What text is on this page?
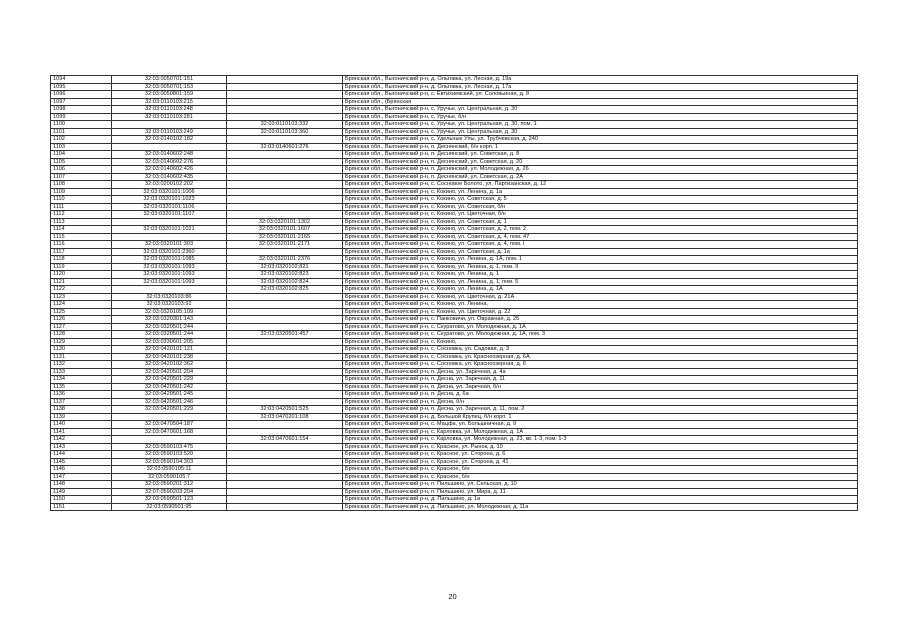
1094	32:03:0050701:151		Брянская обл., Выгоничский р-н, д. Ольговка, ул. Лесная, д. 19а
1095	32:03:0050701:153		Брянская обл., Выгоничский р-н, д. Ольговка, ул. Лесная, д. 17а
1096	32:03:0050801:159		Брянская обл., Выгоничский р-н, с. Евтихиевский, ул. Соловьиная, д. 8
1097	32:03:0110103:215		Брянская обл., (Брянская
1098	32:03:0110103:248		Брянская обл., Выгоничский р-н, с. Уручье, ул. Центральная, д. 30
1099	32:03:0110103:281		Брянская обл., Выгоничский р-н, с. Уручье, б/н
1100		32:03:0110103:332	Брянская обл., Выгоничский р-н, с. Уручье, ул. Центральная, д. 30, пом. 1
1101	32:03:0110103:249	32:03:0110103:360	Брянская обл., Выгоничский р-н, с. Уручье, ул. Центральная, д. 30
1102	32:03:0140102:182		Брянская обл., Выгоничский р-н, с. Удельные Упы, ул. Трубчевская, д. 240
1103		32:03:0140601:276	Брянская обл., Выгоничский р-н, п. Деснянский, б/н корп. 1
1104	32:03:0140602:248		Брянская обл., Выгоничский р-н, п. Деснянский, ул. Советская, д. 8
1105	32:03:0140602:276		Брянская обл., Выгоничский р-н, п. Деснянский, ул. Советская, д. 20
1106	32:03:0140602:426		Брянская обл., Выгоничский р-н, п. Деснянский, ул. Молодежная, д. 26
1107	32:03:0140602:435		Брянская обл., Выгоничский р-н, п. Деснянский, ул. Советская, д. 2А
1108	32:03:0200102:202		Брянская обл., Выгоничский р-н, с. Сосновое Болото, ул. Партизанская, д. 12
1109	32:03:0320101:1006		Брянская обл., Выгоничский р-н, с. Кокино, ул. Ленина, д. 1а
1110	32:03:0320101:1023		Брянская обл., Выгоничский р-н, с. Кокино, ул. Советская, д. 5
1111	32:03:0320101:1106		Брянская обл., Выгоничский р-н, с. Кокино, ул. Советская, б/н
1112	32:03:0320101:1107		Брянская обл., Выгоничский р-н, с. Кокино, ул. Цветочная, б/н
1113		32:03:0320101:1302	Брянская обл., Выгоничский р-н, с. Кокино, ул. Советская, д. 1
1114	32:03:0320101:1021	32:03:0320101:1607	Брянская обл., Выгоничский р-н, с. Кокино, ул. Советская, д. 2, пом. 2
1115		32:03:0320101:2165	Брянская обл., Выгоничский р-н, с. Кокино, ул. Советская, д. 4, пом. 47
1116	32:03:0320101:303	32:03:0320101:2171	Брянская обл., Выгоничский р-н, с. Кокино, ул. Советская, д. 4, пом. I
1117	32:03:0320101:2360		Брянская обл., Выгоничский р-н, с. Кокино, ул. Советская, д. 1а
1118	32:03:0320101:1085	32:03:0320101:2376	Брянская обл., Выгоничский р-н, с. Кокино, ул. Ленина, д. 1А, пом. 1
1119	32:03:0320101:1093	32:03:0320102:821	Брянская обл., Выгоничский р-н, с. Кокино, ул. Ленина, д. 1, пом. II
1120	32:03:0320101:1093	32:03:0320102:823	Брянская обл., Выгоничский р-н, с. Кокино, ул. Ленина, д. 1
1121	32:03:0320101:1093	32:03:0320102:824	Брянская обл., Выгоничский р-н, с. Кокино, ул. Ленина, д. 1, пом. 5
1122		32:03:0320102:825	Брянская обл., Выгоничский р-н, с. Кокино, ул. Ленина, д. 1А
1123	32:03:0320103:86		Брянская обл., Выгоничский р-н, с. Кокино, ул. Цветочная, д. 21А
1124	32:03:0320103:91		Брянская обл., Выгоничский р-н, с. Кокино, ул. Ленина,
1125	32:03:0320105:109		Брянская обл., Выгоничский р-н, с. Кокино, ул. Цветочная, д. 22
1126	32:03:0320301:143		Брянская обл., Выгоничский р-н, с. Панковичи, ул. Овражная, д. 25
1127	32:03:0320501:244		Брянская обл., Выгоничский р-н, с. Скуратово, ул. Молодежная, д. 1А
1128	32:03:0320501:244	32:03:0320501:457	Брянская обл., Выгоничский р-н, с. Скуратово, ул. Молодежная, д. 1А, пом. 3
1129	32:03:0330601:205		Брянская обл., Выгоничский р-н, с. Кокино,
1130	32:03:0420101:121		Брянская обл., Выгоничский р-н, с. Сосновка, ул. Садовая, д. 3
1131	32:03:0420101:238		Брянская обл., Выгоничский р-н, с. Сосновка, ул. Красноозерная, д. 6А
1132	32:03:0420102:362		Брянская обл., Выгоничский р-н, с. Сосновка, ул. Красноозерная, д. 6
1133	32:03:0420501:204		Брянская обл., Выгоничский р-н, п. Десна, ул. Заречная, д. 4а
1134	32:03:0420501:229		Брянская обл., Выгоничский р-н, п. Десна, ул. Заречная, д. 11
1135	32:03:0420501:242		Брянская обл., Выгоничский р-н, п. Десна, ул. Заречная, б/н
1136	32:03:0420501:245		Брянская обл., Выгоничский р-н, п. Десна, д. 6а
1137	32:03:0420501:246		Брянская обл., Выгоничский р-н, п. Десна, б/н
1138	32:03:0420501:229	32:03:0420501:525	Брянская обл., Выгоничский р-н, п. Десна, ул. Заречная, д. 11, пом. 2
1139		32:03:0470201:108	Брянская обл., Выгоничский р-н, д. Большой Крупец, б/н корп. 1
1140	32:03:0470504:187		Брянская обл., Выгоничский р-н, с. Мацфа, ул. Большничная, д. 9
1141	32:03:0470601:168		Брянская обл., Выгоничский р-н, с. Карловка, ул. Молодежная, д. 1А
1142		32:03:0470601:154	Брянская обл., Выгоничский р-н, с. Карловка, ул. Молодежная, д. 23, кв. 1-3, пом. 1-3
1143	32:03:0590103:475		Брянская обл., Выгоничский р-н, с. Красное, ул. Рынок, д. 10
1144	32:03:0590103:520		Брянская обл., Выгоничский р-н, с. Красное, ул. Сторона, д. 6
1145	32:03:0590104:303		Брянская обл., Выгоничский р-н, с. Красное, ул. Сторона, д. 41
1146	32:03:0590105:11		Брянская обл., Выгоничский р-н, с. Красное, б/н
1147	32:03:0590105:7		Брянская обл., Выгоничский р-н, с. Красное, б/н
1148	32:03:0590201:312		Брянская обл., Выгоничский р-н, п. Пильшино, ул. Сельская, д. 10
1149	32:07:0590203:204		Брянская обл., Выгоничский р-н, п. Пильшино, ул. Мира, д. 11
1150	32:03:0590501:123		Брянская обл., Выгоничский р-н, д. Пильшино, д. 1а
1151	32:03:0590501:95		Брянская обл., Выгоничский р-н, д. Пильшино, ул. Молодежная, д. 11а
20
